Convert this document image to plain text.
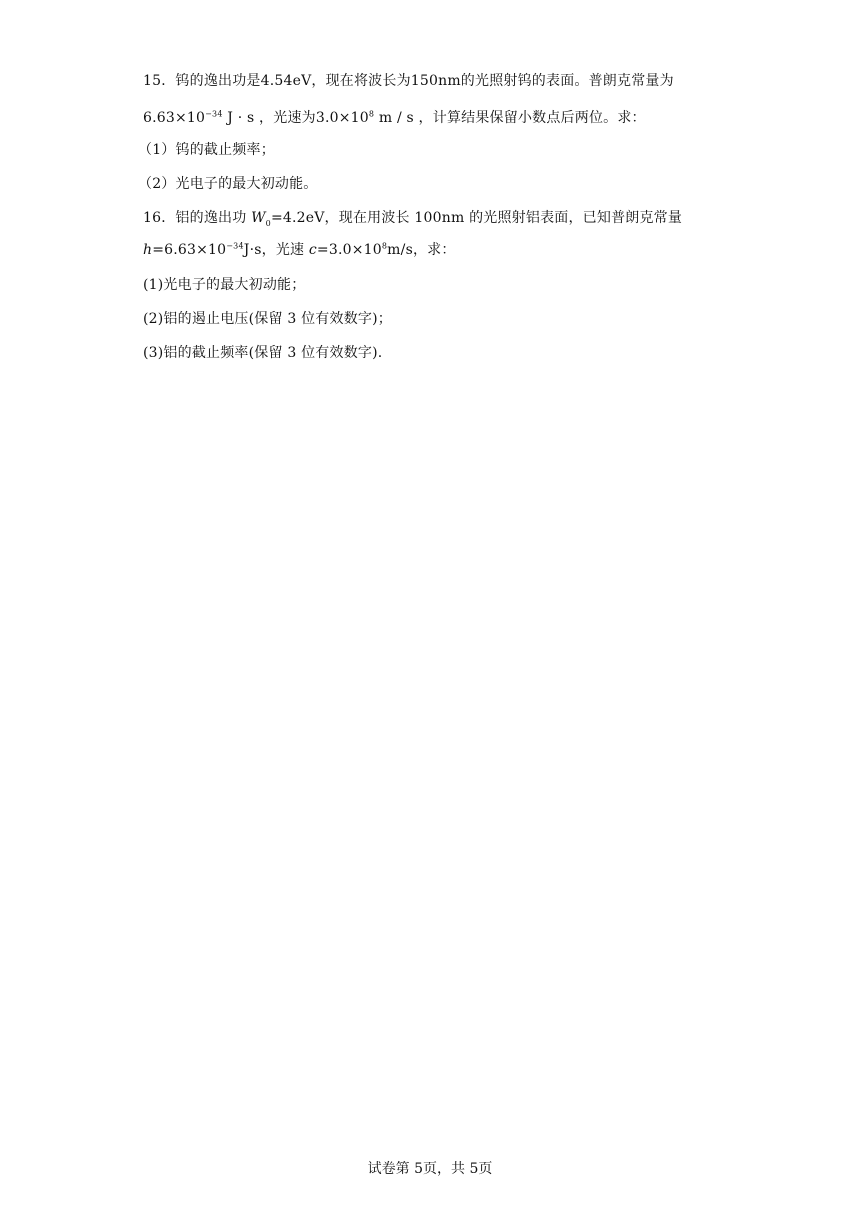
15．钨的逸出功是4.54eV，现在将波长为150nm的光照射钨的表面。普朗克常量为
$6.63\times 10^{-34}$ J · s ，光速为$3.0\times 10^8$ m / s ，计算结果保留小数点后两位。求：
（1）钨的截止频率；
（2）光电子的最大初动能。
16．铝的逸出功 $W_0=4.2eV$，现在用波长 100nm 的光照射铝表面，已知普朗克常量
$h=6.63\times 10^{-34}J\cdot s$，光速 $c=3.0\times 10^8m/s$，求：
(1)光电子的最大初动能；
(2)铝的遏止电压(保留 3 位有效数字)；
(3)铝的截止频率(保留 3 位有效数字).
试卷第 5页，共 5页
